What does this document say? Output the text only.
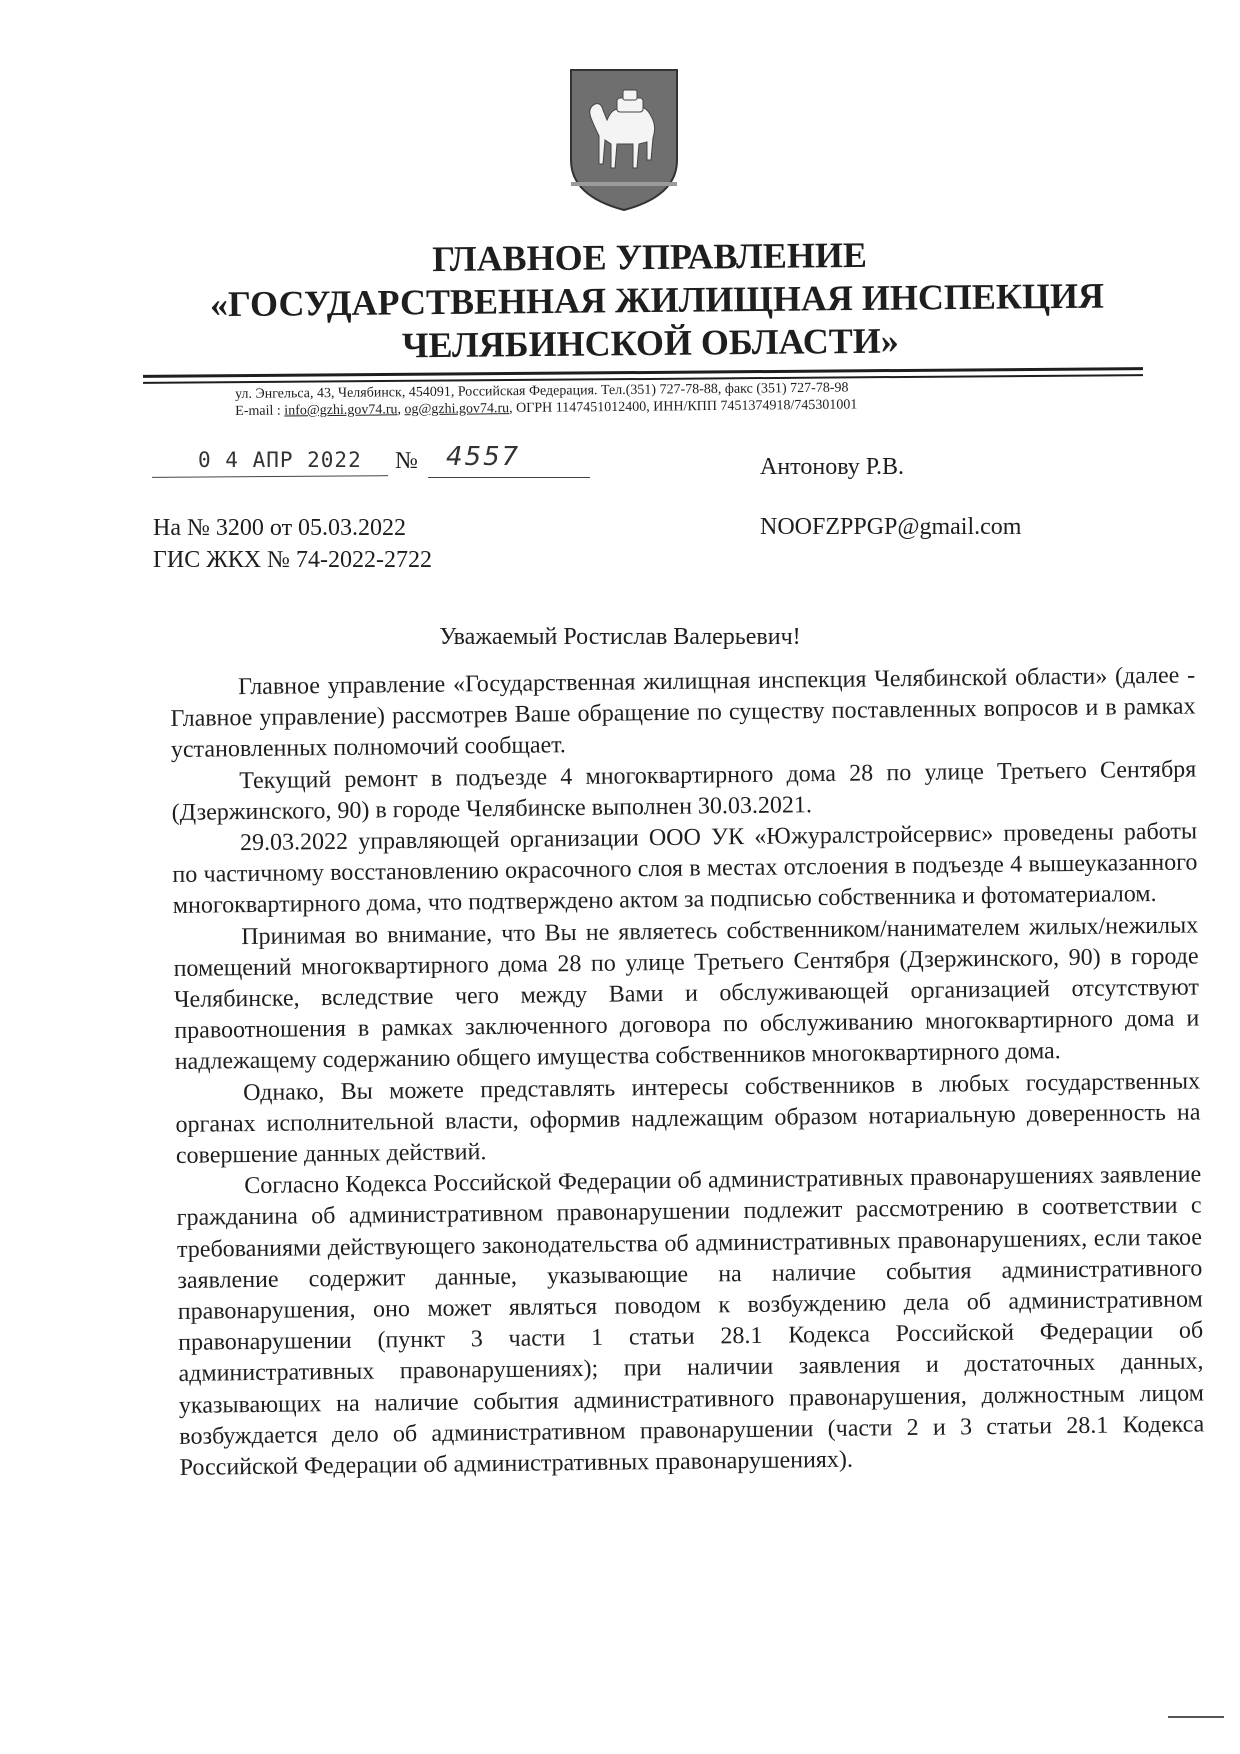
ГЛАВНОЕ УПРАВЛЕНИЕ
«ГОСУДАРСТВЕННАЯ ЖИЛИЩНАЯ ИНСПЕКЦИЯ
ЧЕЛЯБИНСКОЙ ОБЛАСТИ»
ул. Энгельса, 43, Челябинск, 454091, Российская Федерация. Тел.(351) 727-78-88, факс (351) 727-78-98
E-mail : info@gzhi.gov74.ru, og@gzhi.gov74.ru, ОГРН 1147451012400, ИНН/КПП 7451374918/745301001
0 4 АПР 2022 № 4557	Антонову Р.В.
NOOFZPPGP@gmail.com
На № 3200 от 05.03.2022
ГИС ЖКХ № 74-2022-2722
Уважаемый Ростислав Валерьевич!

Главное управление «Государственная жилищная инспекция Челябинской области» (далее - Главное управление) рассмотрев Ваше обращение по существу поставленных вопросов и в рамках установленных полномочий сообщает.

Текущий ремонт в подъезде 4 многоквартирного дома 28 по улице Третьего Сентября (Дзержинского, 90) в городе Челябинске выполнен 30.03.2021.

29.03.2022 управляющей организации ООО УК «Южуралстройсервис» проведены работы по частичному восстановлению окрасочного слоя в местах отслоения в подъезде 4 вышеуказанного многоквартирного дома, что подтверждено актом за подписью собственника и фотоматериалом.

Принимая во внимание, что Вы не являетесь собственником/нанимателем жилых/нежилых помещений многоквартирного дома 28 по улице Третьего Сентября (Дзержинского, 90) в городе Челябинске, вследствие чего между Вами и обслуживающей организацией отсутствуют правоотношения в рамках заключенного договора по обслуживанию многоквартирного дома и надлежащему содержанию общего имущества собственников многоквартирного дома.

Однако, Вы можете представлять интересы собственников в любых государственных органах исполнительной власти, оформив надлежащим образом нотариальную доверенность на совершение данных действий.

Согласно Кодекса Российской Федерации об административных правонарушениях заявление гражданина об административном правонарушении подлежит рассмотрению в соответствии с требованиями действующего законодательства об административных правонарушениях, если такое заявление содержит данные, указывающие на наличие события административного правонарушения, оно может являться поводом к возбуждению дела об административном правонарушении (пункт 3 части 1 статьи 28.1 Кодекса Российской Федерации об административных правонарушениях); при наличии заявления и достаточных данных, указывающих на наличие события административного правонарушения, должностным лицом возбуждается дело об административном правонарушении (части 2 и 3 статьи 28.1 Кодекса Российской Федерации об административных правонарушениях).
